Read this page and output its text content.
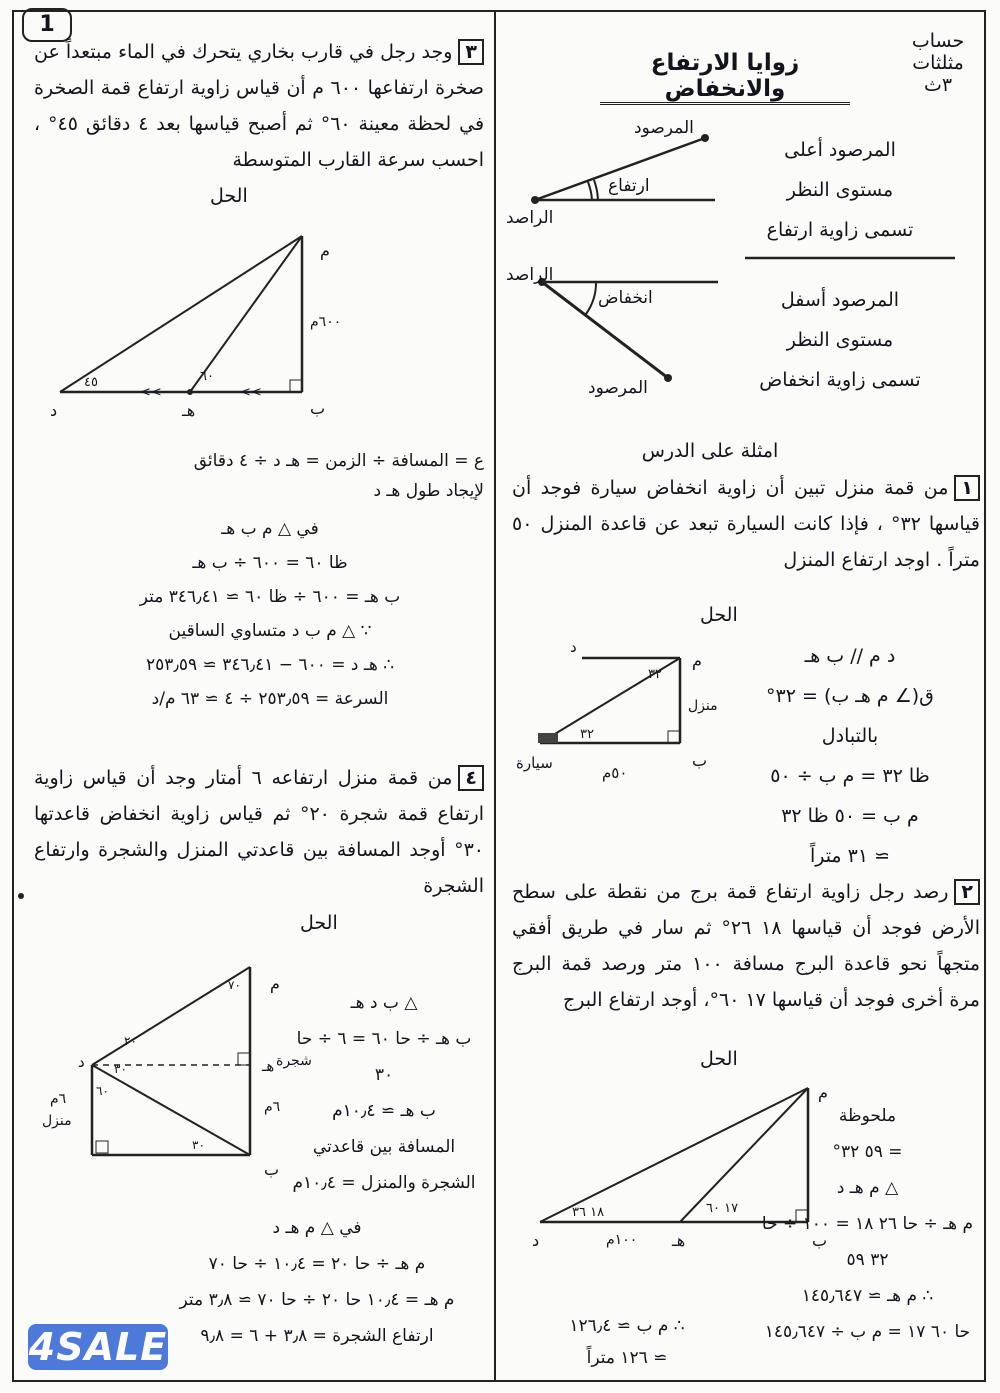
1
حساب
مثلثات
٣ث
زوايا الارتفاع والانخفاض
المرصود
الراصد
ارتفاع
المرصود أعلى
مستوى النظر
تسمى زاوية ارتفاع
الراصد
انخفاض
المرصود
المرصود أسفل
مستوى النظر
تسمى زاوية انخفاض
امثلة على الدرس
١من قمة منزل تبين أن زاوية انخفاض سيارة فوجد أن قياسها ٣٢° ، فإذا كانت السيارة تبعد عن قاعدة المنزل ٥٠ متراً . اوجد ارتفاع المنزل
الحل
م
ب
سيارة
د
٣٢
٣٢
منزل
٥٠م
د م // ب هـ
ق(∠ م هـ ب) = ٣٢° بالتبادل
ظا ٣٢ = م ب ÷ ٥٠
م ب = ٥٠ ظا ٣٢
≃ ٣١ متراً
٢رصد رجل زاوية ارتفاع قمة برج من نقطة على سطح الأرض فوجد أن قياسها ١٨ ٢٦° ثم سار في طريق أفقي متجهاً نحو قاعدة البرج مسافة ١٠٠ متر ورصد قمة البرج مرة أخرى فوجد أن قياسها ١٧ ٦٠°، أوجد ارتفاع البرج
الحل
م
ب
هـ
د
١٨ ٣٦	١٧ ٦٠
١٠٠م
ملحوظة
= ٥٩ ٣٢°
△ م هـ د
م هـ ÷ حا ٢٦ ١٨ = ١٠٠ ÷ حا ٣٢ ٥٩
∴ م هـ ≃ ١٤٥٫٦٤٧
حا ٦٠ ١٧ = م ب ÷ ١٤٥٫٦٤٧
∴ م ب ≃ ١٢٦٫٤
≃ ١٢٦ متراً
٣وجد رجل في قارب بخاري يتحرك في الماء مبتعداً عن صخرة ارتفاعها ٦٠٠ م أن قياس زاوية ارتفاع قمة الصخرة في لحظة معينة ٦٠° ثم أصبح قياسها بعد ٤ دقائق ٤٥° ، احسب سرعة القارب المتوسطة
الحل
<<	<<
م
ب
هـ
د
٤٥	٦٠
٦٠٠م
ع = المسافة ÷ الزمن = هـ د ÷ ٤ دقائق
لإيجاد طول هـ د
في △ م ب هـ
ظا ٦٠ = ٦٠٠ ÷ ب هـ
ب هـ = ٦٠٠ ÷ ظا ٦٠ ≃ ٣٤٦٫٤١ متر
∵ △ م ب د متساوي الساقين
∴ هـ د = ٦٠٠ − ٣٤٦٫٤١ ≃ ٢٥٣٫٥٩
السرعة = ٢٥٣٫٥٩ ÷ ٤ ≃ ٦٣ م/د
٤من قمة منزل ارتفاعه ٦ أمتار وجد أن قياس زاوية ارتفاع قمة شجرة ٢٠° ثم قياس زاوية انخفاض قاعدتها ٣٠° أوجد المسافة بين قاعدتي المنزل والشجرة وارتفاع الشجرة
الحل
م
ب
هـ
د	شجرة
منزل
٦م	٦م
٢٠
٣٠
٦٠
٣٠
٧٠
△ ب د هـ
ب هـ ÷ حا ٦٠ = ٦ ÷ حا ٣٠
ب هـ ≃ ١٠٫٤م
المسافة بين قاعدتي الشجرة والمنزل = ١٠٫٤م
في △ م هـ د
م هـ ÷ حا ٢٠ = ١٠٫٤ ÷ حا ٧٠
م هـ = ١٠٫٤ حا ٢٠ ÷ حا ٧٠ ≃ ٣٫٨ متر
ارتفاع الشجرة = ٣٫٨ + ٦ = ٩٫٨
4SALE
